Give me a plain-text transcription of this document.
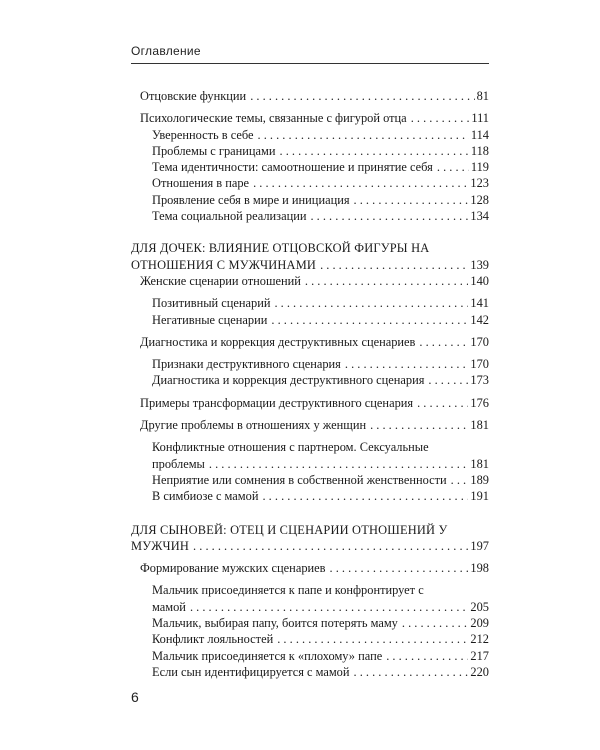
Оглавление
Отцовские функции . . .	81
Психологические темы, связанные с фигурой отца . . .	111
Уверенность в себе . . .	114
Проблемы с границами . . .	118
Тема идентичности: самоотношение и принятие себя . . .	119
Отношения в паре . . .	123
Проявление себя в мире и инициация . . .	128
Тема социальной реализации . . .	134
ДЛЯ ДОЧЕК: ВЛИЯНИЕ ОТЦОВСКОЙ ФИГУРЫ НА ОТНОШЕНИЯ С МУЖЧИНАМИ . . .	139
Женские сценарии отношений . . .	140
Позитивный сценарий . . .	141
Негативные сценарии . . .	142
Диагностика и коррекция деструктивных сценариев . . .	170
Признаки деструктивного сценария . . .	170
Диагностика и коррекция деструктивного сценария . . .	173
Примеры трансформации деструктивного сценария . . .	176
Другие проблемы в отношениях у женщин . . .	181
Конфликтные отношения с партнером. Сексуальные проблемы . . .	181
Неприятие или сомнения в собственной женственности . . . 189
В симбиозе с мамой . . .	191
ДЛЯ СЫНОВЕЙ: ОТЕЦ И СЦЕНАРИИ ОТНОШЕНИЙ У МУЖЧИН . . .	197
Формирование мужских сценариев . . .	198
Мальчик присоединяется к папе и конфронтирует с мамой . . .	205
Мальчик, выбирая папу, боится потерять маму . . .	209
Конфликт лояльностей . . .	212
Мальчик присоединяется к «плохому» папе . . .	217
Если сын идентифицируется с мамой . . .	220
6
